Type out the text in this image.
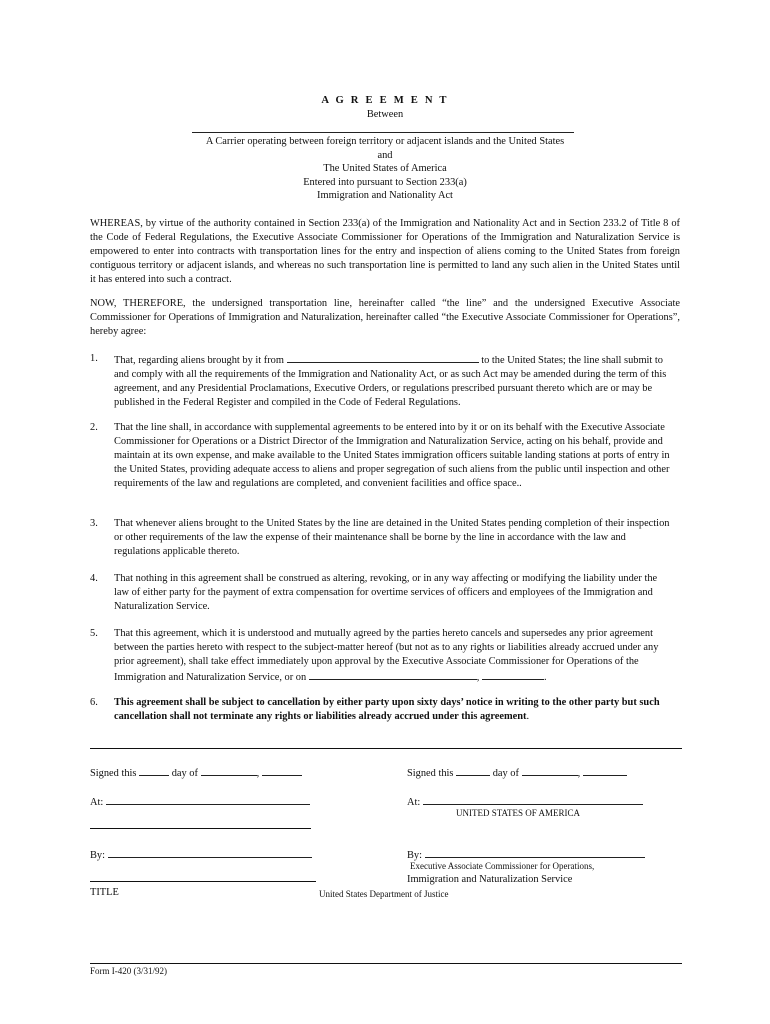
A G R E E M E N T
Between
A Carrier operating between foreign territory or adjacent islands and the United States
and
The United States of America
Entered into pursuant to Section 233(a)
Immigration and Nationality Act

WHEREAS, by virtue of the authority contained in Section 233(a) of the Immigration and Nationality Act and in Section 233.2 of Title 8 of the Code of Federal Regulations, the Executive Associate Commissioner for Operations of the Immigration and Naturalization Service is empowered to enter into contracts with transportation lines for the entry and inspection of aliens coming to the United States from foreign contiguous territory or adjacent islands, and whereas no such transportation line is permitted to land any such alien in the United States until it has entered into such a contract.

NOW, THEREFORE, the undersigned transportation line, hereinafter called “the line” and the undersigned Executive Associate Commissioner for Operations of Immigration and Naturalization, hereinafter called “the Executive Associate Commissioner for Operations”, hereby agree:

1.	That, regarding aliens brought by it from	to the United States; the line shall submit to and comply with all the requirements of the Immigration and Nationality Act, or as such Act may be amended during the term of this agreement, and any Presidential Proclamations, Executive Orders, or regulations prescribed pursuant thereto which are or may be published in the Federal Register and compiled in the Code of Federal Regulations.
2.	That the line shall, in accordance with supplemental agreements to be entered into by it or on its behalf with the Executive Associate Commissioner for Operations or a District Director of the Immigration and Naturalization Service, acting on his behalf, provide and maintain at its own expense, and make available to the United States immigration officers suitable landing stations at ports of entry in the United States, providing adequate access to aliens and proper segregation of such aliens from the public until inspection and other requirements of the law and regulations are completed, and convenient facilities and office space..
3.	That whenever aliens brought to the United States by the line are detained in the United States pending completion of their inspection or other requirements of the law the expense of their maintenance shall be borne by the line in accordance with the law and regulations applicable thereto.
4.	That nothing in this agreement shall be construed as altering, revoking, or in any way affecting or modifying the liability under the law of either party for the payment of extra compensation for overtime services of officers and employees of the Immigration and Naturalization Service.
5.	That this agreement, which it is understood and mutually agreed by the parties hereto cancels and supersedes any prior agreement between the parties hereto with respect to the subject-matter hereof (but not as to any rights or liabilities already accrued under any prior agreement), shall take effect immediately upon approval by the Executive Associate Commissioner for Operations of the Immigration and Naturalization Service, or on	,	.
6.	This agreement shall be subject to cancellation by either party upon sixty days’ notice in writing to the other party but such cancellation shall not terminate any rights or liabilities already accrued under this agreement.
Signed this	day of	,
At:
By:
TITLE
Signed this	day of	,
At:
UNITED STATES OF AMERICA
By:
Executive Associate Commissioner for Operations,
Immigration and Naturalization Service
United States Department of Justice
Form I-420 (3/31/92)
